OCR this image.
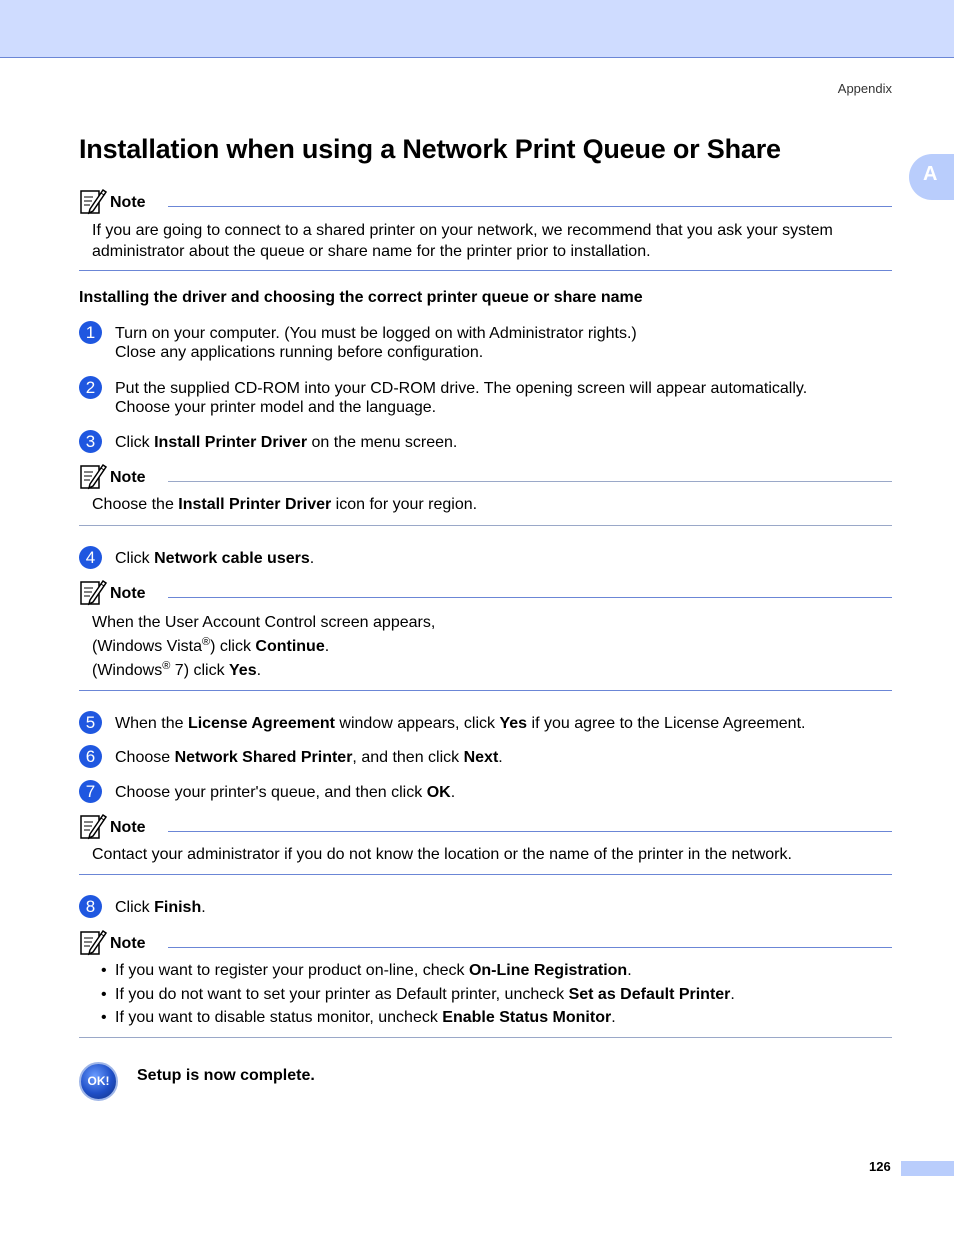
Appendix
A
Installation when using a Network Print Queue or Share
Note
If you are going to connect to a shared printer on your network, we recommend that you ask your system
administrator about the queue or share name for the printer prior to installation.
Installing the driver and choosing the correct printer queue or share name
1	Turn on your computer. (You must be logged on with Administrator rights.)
Close any applications running before configuration.
2	Put the supplied CD-ROM into your CD-ROM drive. The opening screen will appear automatically.
Choose your printer model and the language.
3	Click Install Printer Driver on the menu screen.
Note
Choose the Install Printer Driver icon for your region.
4	Click Network cable users.
Note
When the User Account Control screen appears,
(Windows Vista®) click Continue.
(Windows® 7) click Yes.
5	When the License Agreement window appears, click Yes if you agree to the License Agreement.
6	Choose Network Shared Printer, and then click Next.
7	Choose your printer's queue, and then click OK.
Note
Contact your administrator if you do not know the location or the name of the printer in the network.
8	Click Finish.
Note
• If you want to register your product on-line, check On-Line Registration.
• If you do not want to set your printer as Default printer, uncheck Set as Default Printer.
• If you want to disable status monitor, uncheck Enable Status Monitor.
OK!	Setup is now complete.
126
